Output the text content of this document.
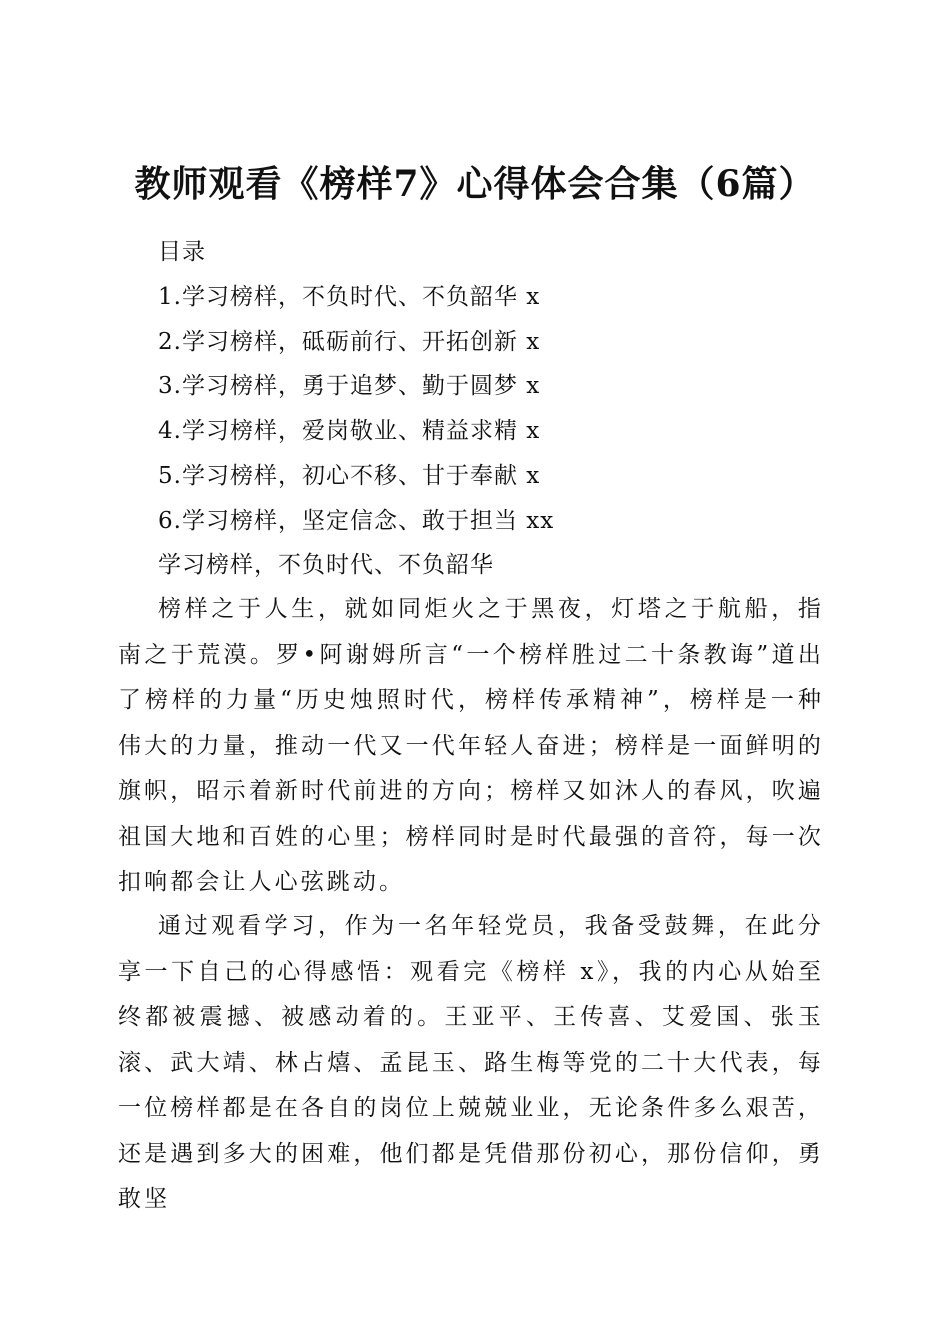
教师观看《榜样7》心得体会合集（6篇）
目录
1.学习榜样，不负时代、不负韶华 x
2.学习榜样，砥砺前行、开拓创新 x
3.学习榜样，勇于追梦、勤于圆梦 x
4.学习榜样，爱岗敬业、精益求精 x
5.学习榜样，初心不移、甘于奉献 x
6.学习榜样，坚定信念、敢于担当 xx
学习榜样，不负时代、不负韶华

榜样之于人生，就如同炬火之于黑夜，灯塔之于航船，指南之于荒漠。罗•阿谢姆所言“一个榜样胜过二十条教诲”道出了榜样的力量“历史烛照时代，榜样传承精神”，榜样是一种伟大的力量，推动一代又一代年轻人奋进；榜样是一面鲜明的旗帜，昭示着新时代前进的方向；榜样又如沐人的春风，吹遍祖国大地和百姓的心里；榜样同时是时代最强的音符，每一次扣响都会让人心弦跳动。

通过观看学习，作为一名年轻党员，我备受鼓舞，在此分享一下自己的心得感悟：观看完《榜样 x》，我的内心从始至终都被震撼、被感动着的。王亚平、王传喜、艾爱国、张玉滚、武大靖、林占熺、孟昆玉、路生梅等党的二十大代表，每一位榜样都是在各自的岗位上兢兢业业，无论条件多么艰苦，还是遇到多大的困难，他们都是凭借那份初心，那份信仰，勇敢坚
